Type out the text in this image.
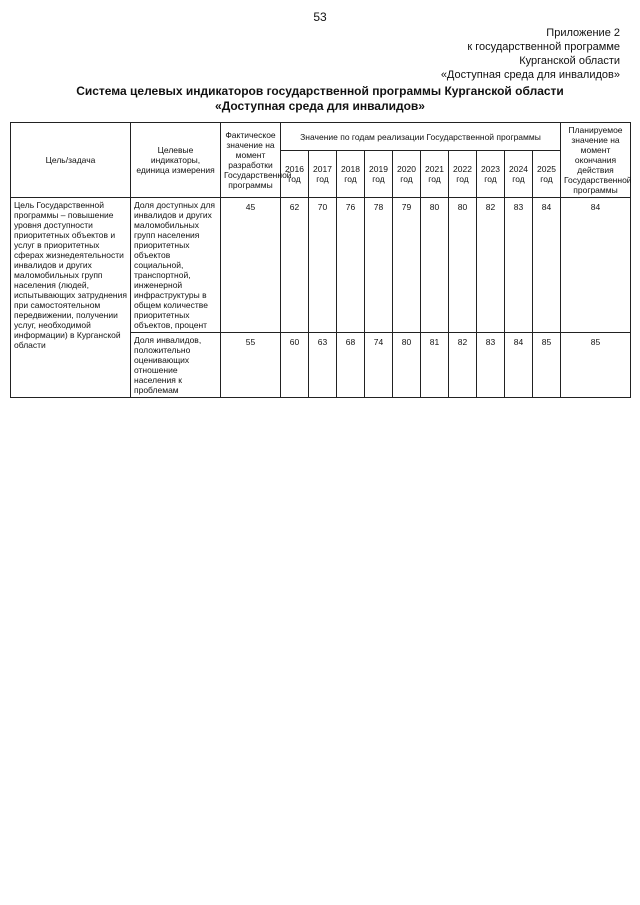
53
Приложение 2
к государственной программе
Курганской области
«Доступная среда для инвалидов»
Система целевых индикаторов государственной программы Курганской области
«Доступная среда для инвалидов»
Цель/задача	Целевые индикаторы, единица измерения	Фактическое значение на момент разработки Государственной программы	Значение по годам реализации Государственной программы										Планируемое значение на момент окончания действия Государственной программы
			2016 год	2017 год	2018 год	2019 год	2020 год	2021 год	2022 год	2023 год	2024 год	2025 год	
Цель Государственной программы – повышение уровня доступности приоритетных объектов и услуг в приоритетных сферах жизнедеятельности инвалидов и других маломобильных групп населения (людей, испытывающих затруднения при самостоятельном передвижении, получении услуг, необходимой информации) в Курганской области	Доля доступных для инвалидов и других маломобильных групп населения приоритетных объектов социальной, транспортной, инженерной инфраструктуры в общем количестве приоритетных объектов, процент	45	62	70	76	78	79	80	80	82	83	84	84
	Доля инвалидов, положительно оценивающих отношение населения к проблемам	55	60	63	68	74	80	81	82	83	84	85	85
